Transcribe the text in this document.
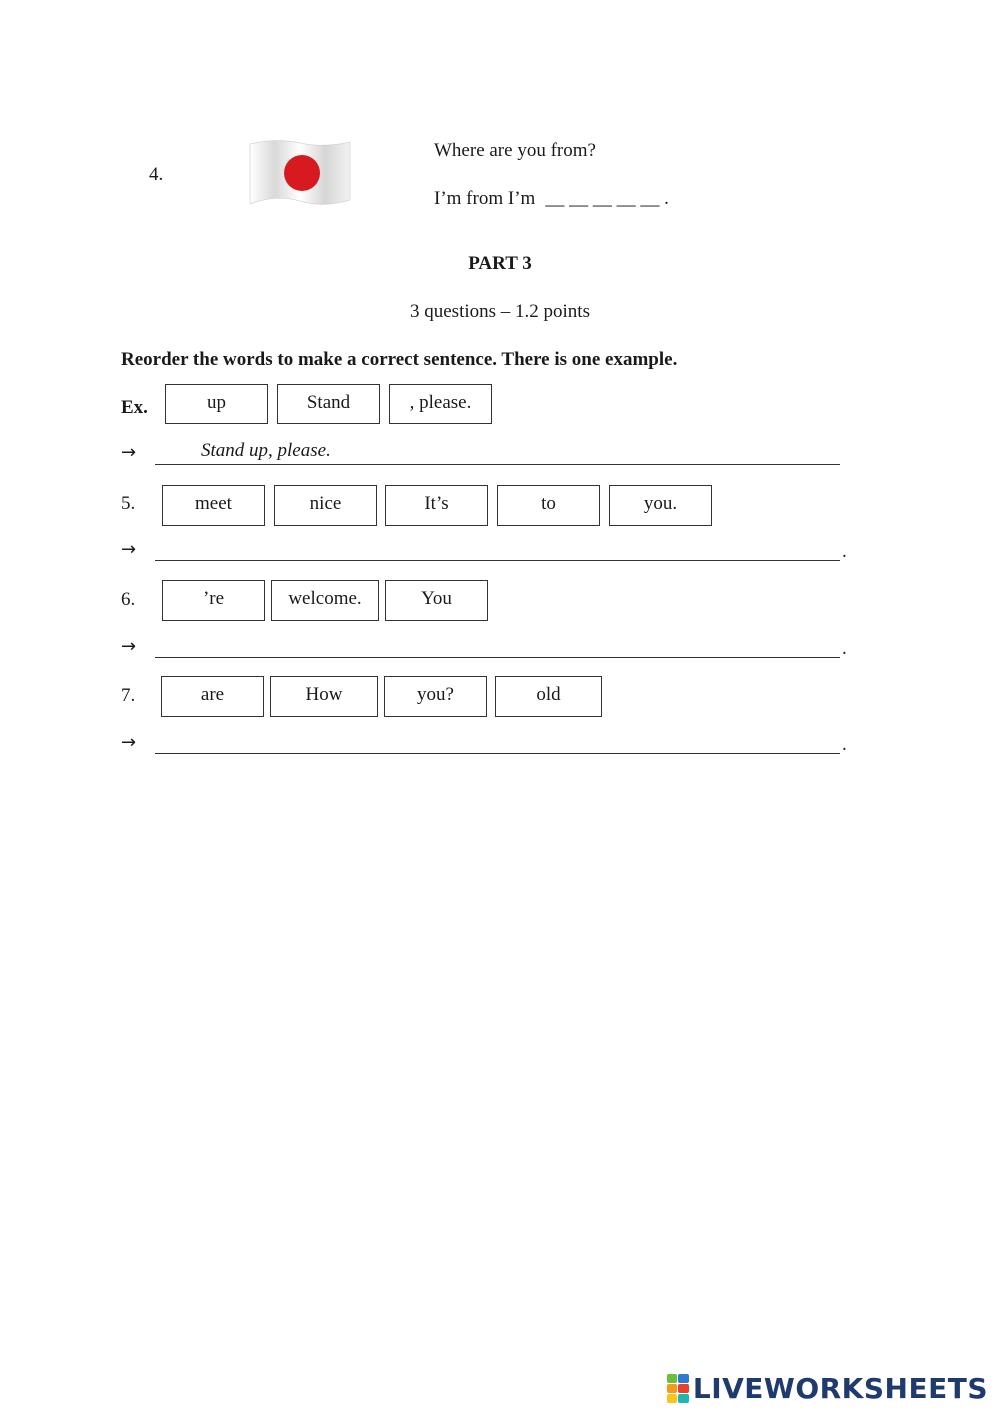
4.
Where are you from?
I’m from I’m __ __ __ __ __ .
PART 3
3 questions – 1.2 points
Reorder the words to make a correct sentence. There is one example.
Ex.	up	Stand	, please.
→	Stand up, please.
5.	meet	nice	It’s	to	you.
→	.
6.	’re	welcome.	You
→	.
7.	are	How	you?	old
→	.
LIVEWORKSHEETS
